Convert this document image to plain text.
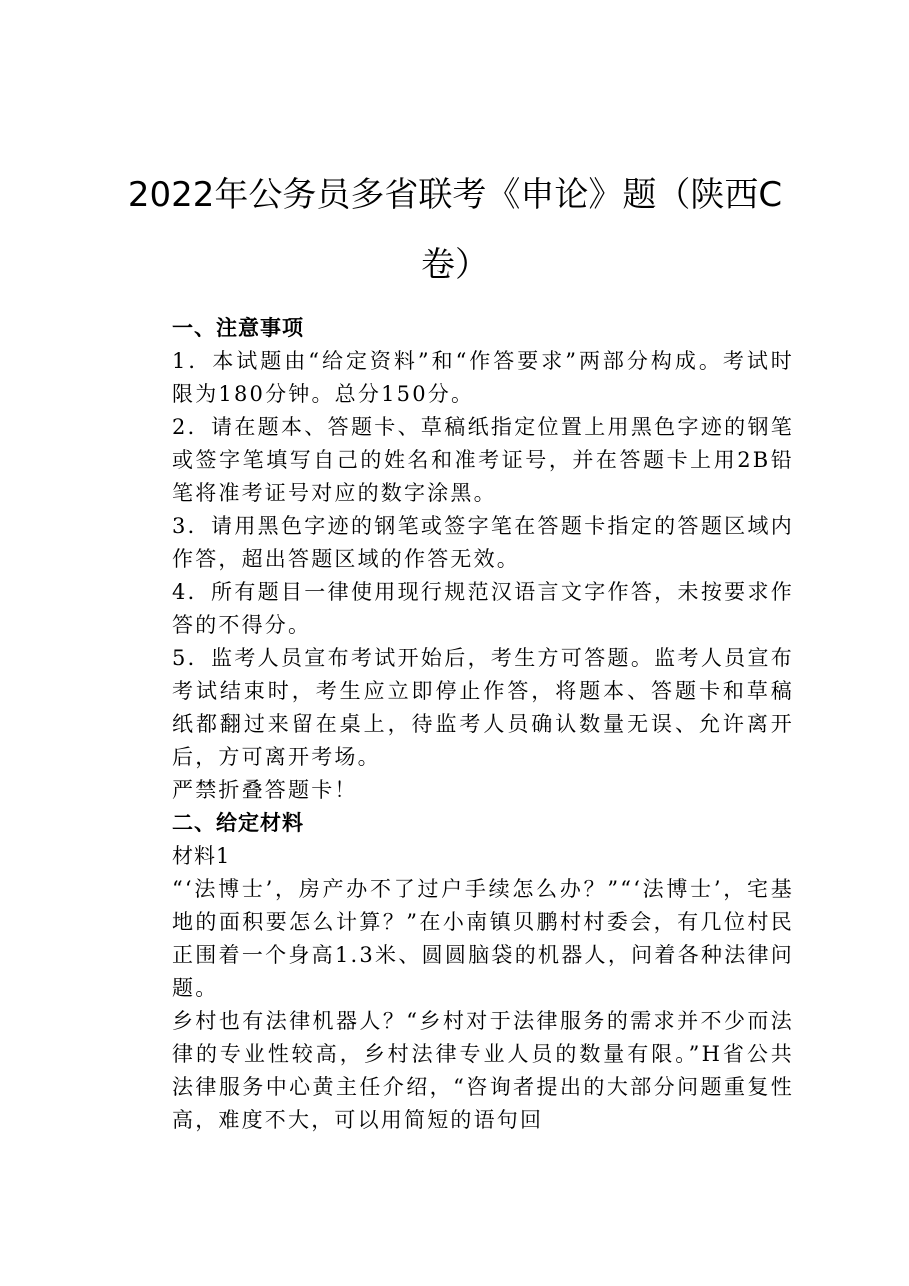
2022年公务员多省联考《申论》题（陕西C卷）

一、注意事项

1．本试题由“给定资料”和“作答要求”两部分构成。考试时限为180分钟。总分150分。

2．请在题本、答题卡、草稿纸指定位置上用黑色字迹的钢笔或签字笔填写自己的姓名和准考证号，并在答题卡上用2B铅笔将准考证号对应的数字涂黑。

3．请用黑色字迹的钢笔或签字笔在答题卡指定的答题区域内作答，超出答题区域的作答无效。

4．所有题目一律使用现行规范汉语言文字作答，未按要求作答的不得分。

5．监考人员宣布考试开始后，考生方可答题。监考人员宣布考试结束时，考生应立即停止作答，将题本、答题卡和草稿纸都翻过来留在桌上，待监考人员确认数量无误、允许离开后，方可离开考场。

严禁折叠答题卡！

二、给定材料

材料1

“‘法博士’，房产办不了过户手续怎么办？”“‘法博士’，宅基地的面积要怎么计算？”在小南镇贝鹏村村委会，有几位村民正围着一个身高1.3米、圆圆脑袋的机器人，问着各种法律问题。

乡村也有法律机器人？“乡村对于法律服务的需求并不少而法律的专业性较高，乡村法律专业人员的数量有限。”H省公共法律服务中心黄主任介绍，“咨询者提出的大部分问题重复性高，难度不大，可以用简短的语句回
